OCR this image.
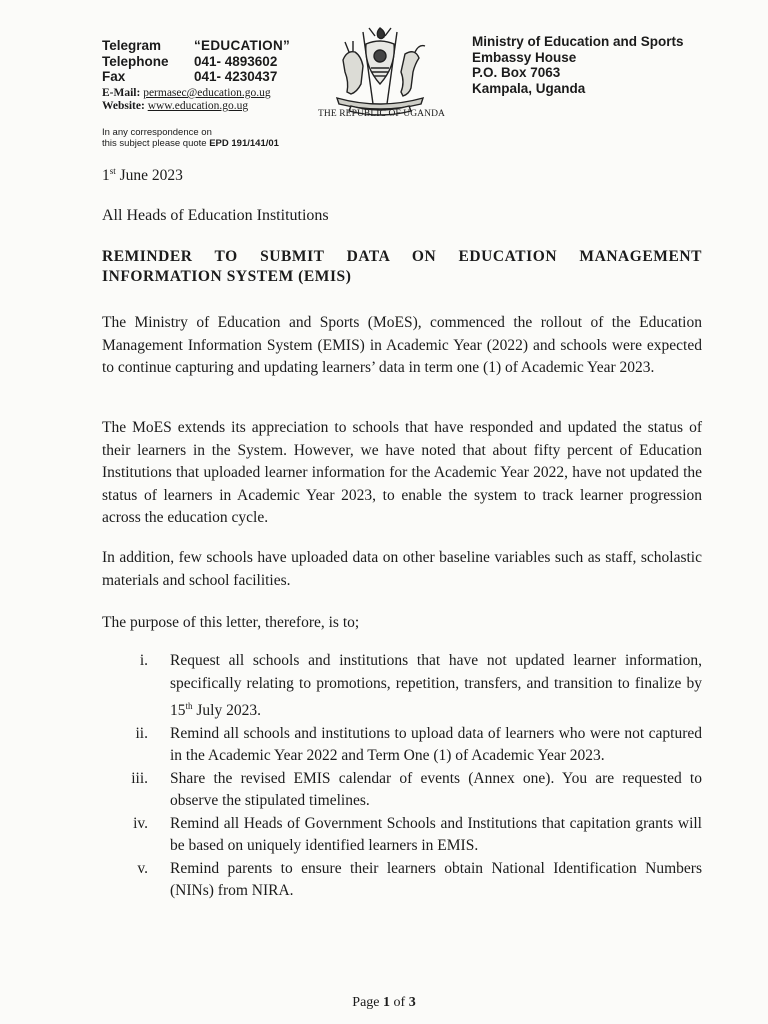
Telegram	“EDUCATION”
Telephone	041- 4893602
Fax	041- 4230437
E-Mail: permasec@education.go.ug
Website: www.education.go.ug
THE REPUBLIC OF UGANDA
Ministry of Education and Sports
Embassy House
P.O. Box 7063
Kampala, Uganda
In any correspondence on
this subject please quote EPD 191/141/01
1st June 2023
All Heads of Education Institutions
REMINDER TO SUBMIT DATA ON EDUCATION MANAGEMENT INFORMATION SYSTEM (EMIS)
The Ministry of Education and Sports (MoES), commenced the rollout of the Education Management Information System (EMIS) in Academic Year (2022) and schools were expected to continue capturing and updating learners’ data in term one (1) of Academic Year 2023.
The MoES extends its appreciation to schools that have responded and updated the status of their learners in the System. However, we have noted that about fifty percent of Education Institutions that uploaded learner information for the Academic Year 2022, have not updated the status of learners in Academic Year 2023, to enable the system to track learner progression across the education cycle.
In addition, few schools have uploaded data on other baseline variables such as staff, scholastic materials and school facilities.
The purpose of this letter, therefore, is to;
i.	Request all schools and institutions that have not updated learner information, specifically relating to promotions, repetition, transfers, and transition to finalize by 15th July 2023.
ii.	Remind all schools and institutions to upload data of learners who were not captured in the Academic Year 2022 and Term One (1) of Academic Year 2023.
iii.	Share the revised EMIS calendar of events (Annex one). You are requested to observe the stipulated timelines.
iv.	Remind all Heads of Government Schools and Institutions that capitation grants will be based on uniquely identified learners in EMIS.
v.	Remind parents to ensure their learners obtain National Identification Numbers (NINs) from NIRA.
Page 1 of 3
